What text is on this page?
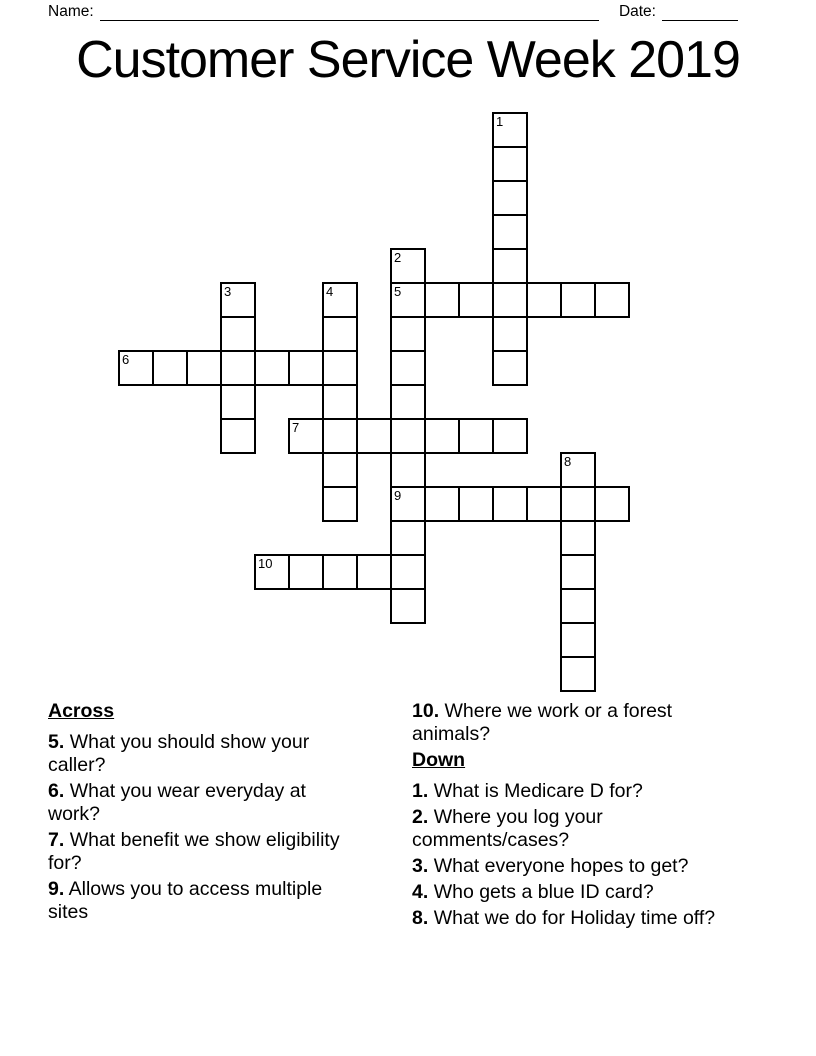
Name:	Date:
Customer Service Week 2019
1
2
5
9
3	4
6
7
8
10
Across
5. What you should show your caller?
6. What you wear everyday at work?
7. What benefit we show eligibility for?
9. Allows you to access multiple sites
10. Where we work or a forest animals?
Down
1. What is Medicare D for?
2. Where you log your comments/cases?
3. What everyone hopes to get?
4. Who gets a blue ID card?
8. What we do for Holiday time off?
